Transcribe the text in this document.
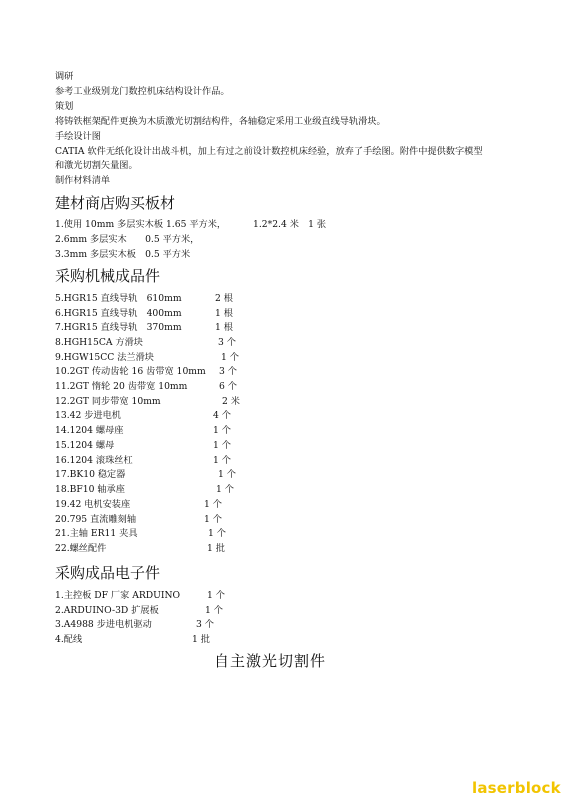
调研
参考工业级别龙门数控机床结构设计作品。
策划
将铸铁框架配件更换为木质激光切割结构件，各轴稳定采用工业级直线导轨滑块。
手绘设计图
CATIA 软件无纸化设计出战斗机，加上有过之前设计数控机床经验，放弃了手绘图。附件中提供数字模型
和激光切割矢量图。
制作材料清单
建材商店购买板材
1.使用 10mm 多层实木板 1.65 平方米，	1.2*2.4 米　1 张
2.6mm 多层实木　　0.5 平方米，
3.3mm 多层实木板　0.5 平方米
采购机械成品件
5.HGR15 直线导轨　610mm	2 根
6.HGR15 直线导轨　400mm	1 根
7.HGR15 直线导轨　370mm	1 根
8.HGH15CA 方滑块	3 个
9.HGW15CC 法兰滑块	1 个
10.2GT 传动齿轮 16 齿带宽 10mm 3 个
11.2GT 惰轮 20 齿带宽 10mm	6 个
12.2GT 同步带宽 10mm	2 米
13.42 步进电机	4 个
14.1204 螺母座	1 个
15.1204 螺母	1 个
16.1204 滚珠丝杠	1 个
17.BK10 稳定器	1 个
18.BF10 轴承座	1 个
19.42 电机安装座	1 个
20.795 直流雕刻轴	1 个
21.主轴 ER11 夹具	1 个
22.螺丝配件	1 批
采购成品电子件
1.主控板 DF 厂家 ARDUINO	1 个
2.ARDUINO-3D 扩展板	1 个
3.A4988 步进电机驱动	3 个
4.配线	1 批
自主激光切割件
laserblock
